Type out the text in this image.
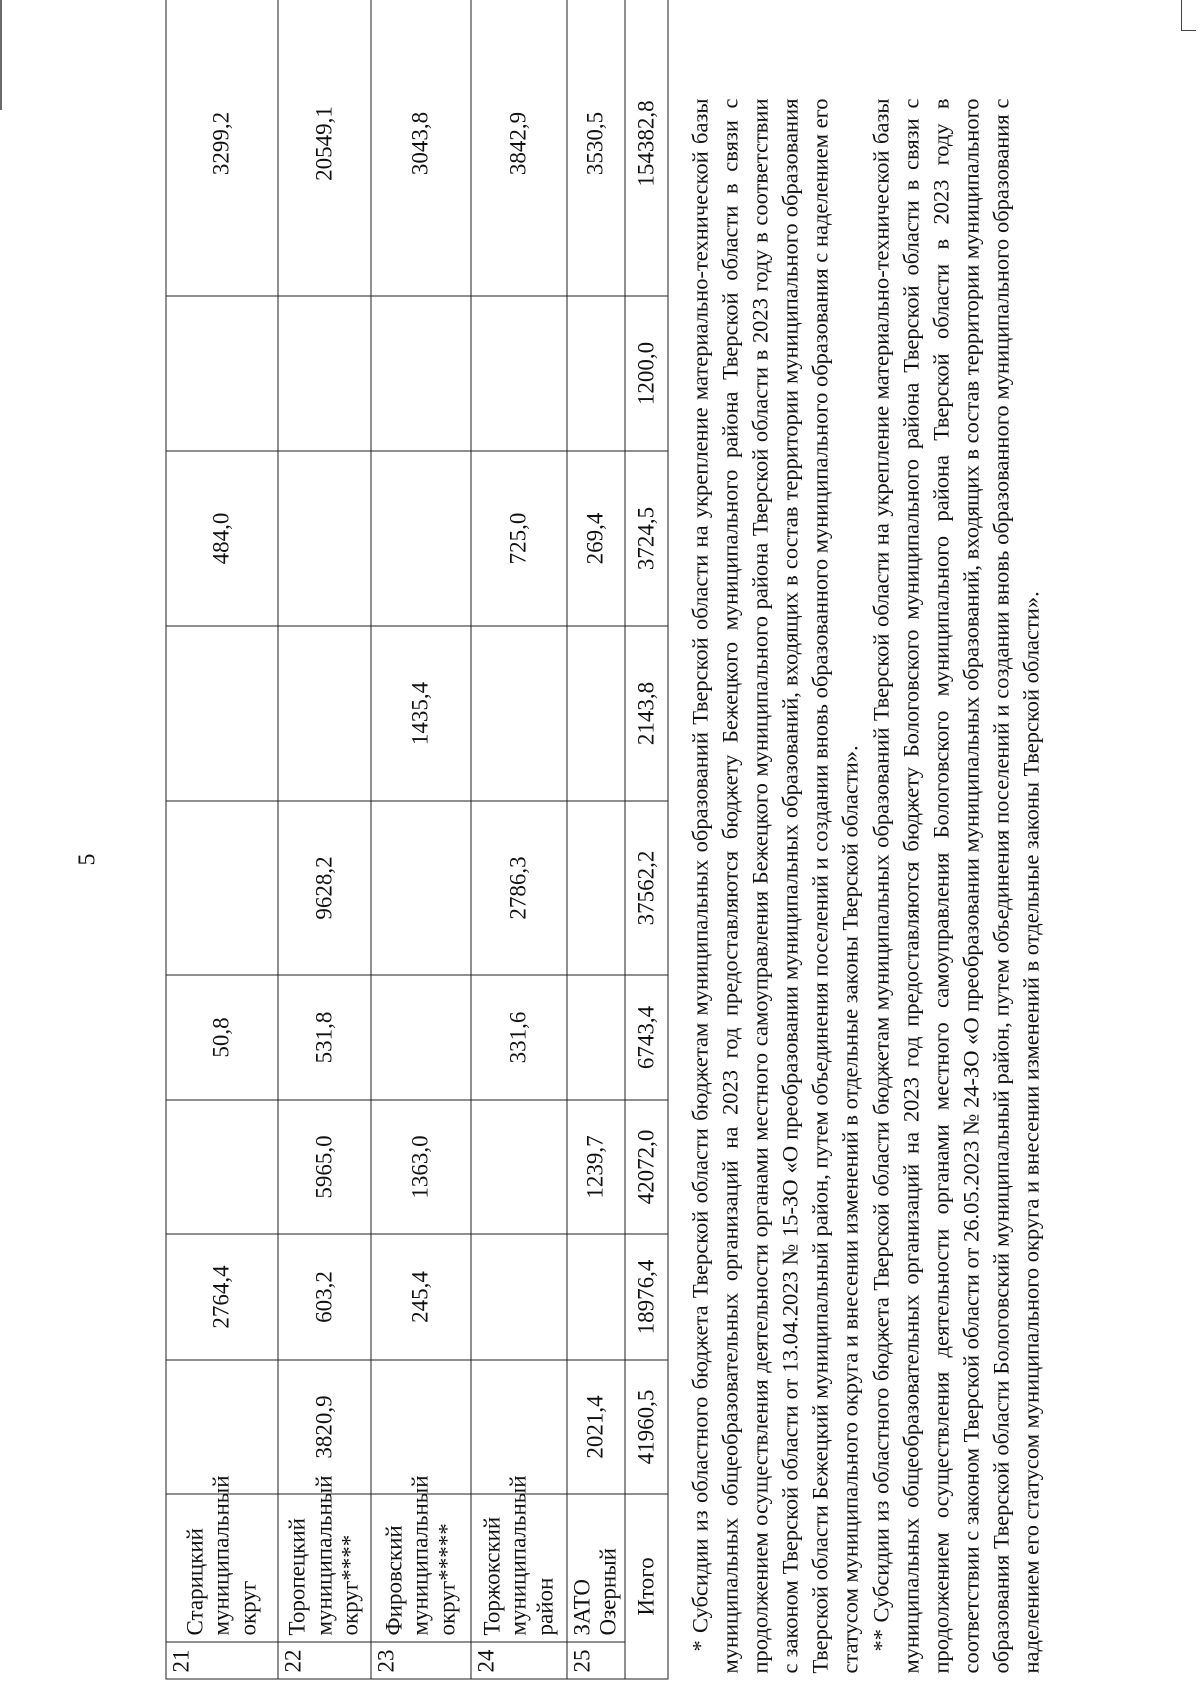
5
21	Старицкий муниципальный округ		2764,4		50,8			484,0		3299,2
22	Торопецкий муниципальный округ****	3820,9	603,2	5965,0	531,8	9628,2				20549,1
23	Фировский муниципальный округ*****		245,4	1363,0			1435,4			3043,8
24	Торжокский муниципальный район				331,6	2786,3		725,0		3842,9
25	ЗАТО Озерный	2021,4		1239,7				269,4		3530,5
Итого		41960,5	18976,4	42072,0	6743,4	37562,2	2143,8	3724,5	1200,0	154382,8 * Субсидии из областного бюджета Тверской области бюджетам муниципальных образований Тверской области на укрепление материально-технической базы муниципальных общеобразовательных организаций на 2023 год предоставляются бюджету Бежецкого муниципального района Тверской области в связи с продолжением осуществления деятельности органами местного самоуправления Бежецкого муниципального района Тверской области в 2023 году в соответствии с законом Тверской области от 13.04.2023 № 15-ЗО «О преобразовании муниципальных образований, входящих в состав территории муниципального образования Тверской области Бежецкий муниципальный район, путем объединения поселений и создании вновь образованного муниципального образования с наделением его статусом муниципального округа и внесении изменений в отдельные законы Тверской области». ** Субсидии из областного бюджета Тверской области бюджетам муниципальных образований Тверской области на укрепление материально-технической базы муниципальных общеобразовательных организаций на 2023 год предоставляются бюджету Бологовского муниципального района Тверской области в связи с продолжением осуществления деятельности органами местного самоуправления Бологовского муниципального района Тверской области в 2023 году в соответствии с законом Тверской области от 26.05.2023 № 24-ЗО «О преобразовании муниципальных образований, входящих в состав территории муниципального образования Тверской области Бологовский муниципальный район, путем объединения поселений и создании вновь образованного муниципального образования с наделением его статусом муниципального округа и внесении изменений в отдельные законы Тверской области».
